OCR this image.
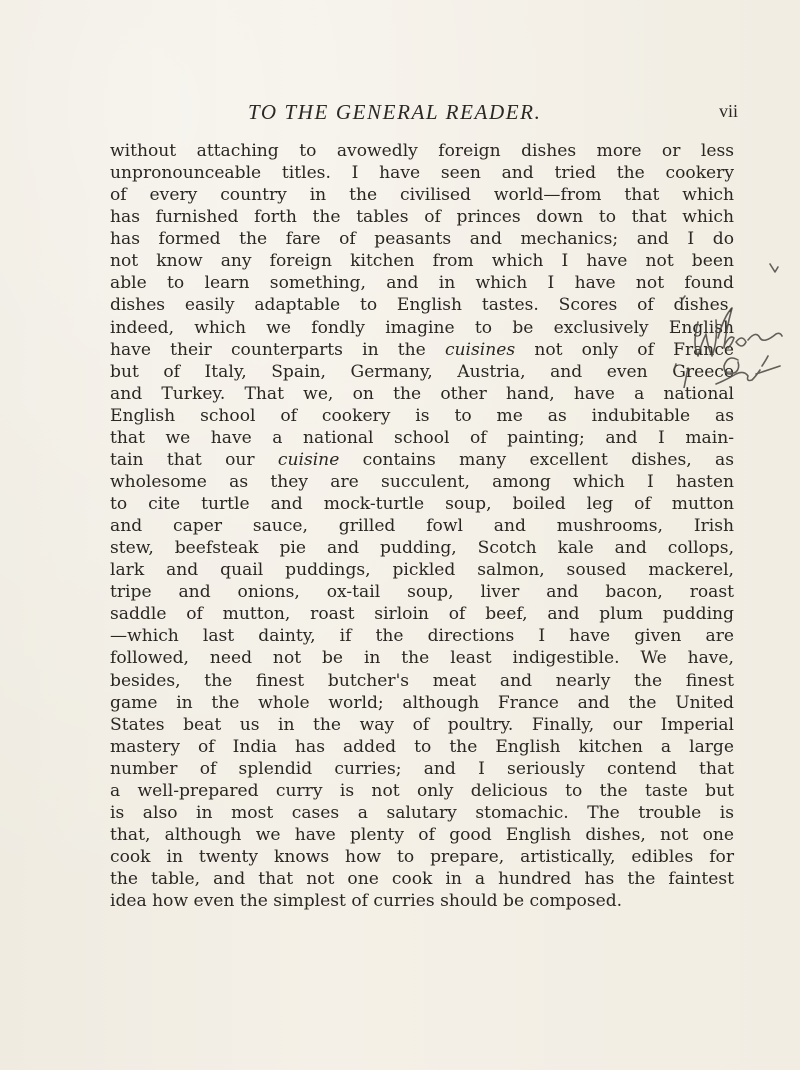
TO THE GENERAL READER.	vii
without attaching to avowedly foreign dishes more or less
unpronounceable titles. I have seen and tried the cookery
of every country in the civilised world—from that which
has furnished forth the tables of princes down to that which
has formed the fare of peasants and mechanics; and I do
not know any foreign kitchen from which I have not been
able to learn something, and in which I have not found
dishes easily adaptable to English tastes. Scores of dishes,
indeed, which we fondly imagine to be exclusively English
have their counterparts in the cuisines not only of France
but of Italy, Spain, Germany, Austria, and even Greece
and Turkey. That we, on the other hand, have a national
English school of cookery is to me as indubitable as
that we have a national school of painting; and I main-
tain that our cuisine contains many excellent dishes, as
wholesome as they are succulent, among which I hasten
to cite turtle and mock-turtle soup, boiled leg of mutton
and caper sauce, grilled fowl and mushrooms, Irish
stew, beefsteak pie and pudding, Scotch kale and collops,
lark and quail puddings, pickled salmon, soused mackerel,
tripe and onions, ox-tail soup, liver and bacon, roast
saddle of mutton, roast sirloin of beef, and plum pudding
—which last dainty, if the directions I have given are
followed, need not be in the least indigestible. We have,
besides, the finest butcher's meat and nearly the finest
game in the whole world; although France and the United
States beat us in the way of poultry. Finally, our Imperial
mastery of India has added to the English kitchen a large
number of splendid curries; and I seriously contend that
a well-prepared curry is not only delicious to the taste but
is also in most cases a salutary stomachic. The trouble is
that, although we have plenty of good English dishes, not one
cook in twenty knows how to prepare, artistically, edibles for
the table, and that not one cook in a hundred has the faintest
idea how even the simplest of curries should be composed.
